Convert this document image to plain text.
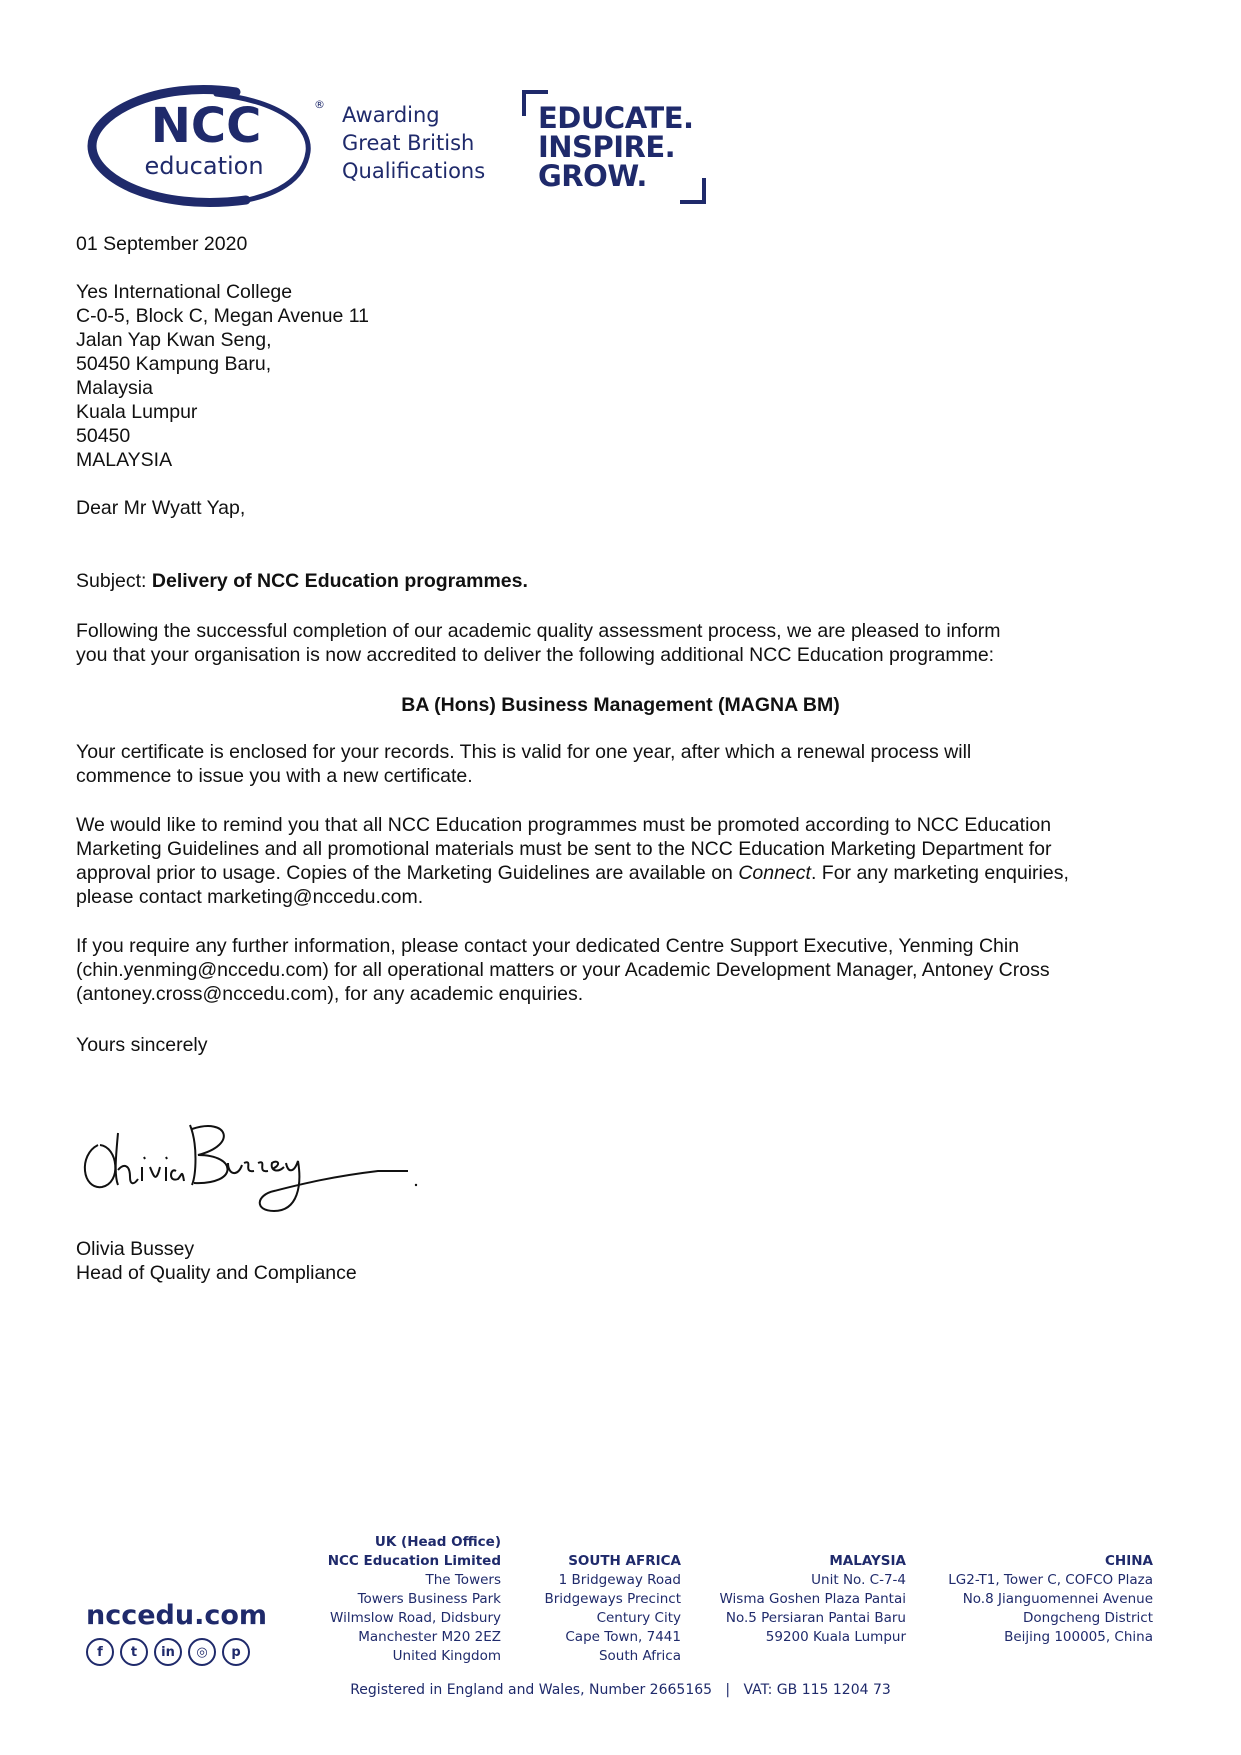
NCC
education
® Awarding
Great British
Qualifications
EDUCATE.
INSPIRE.
GROW.
01 September 2020
Yes International College
C-0-5, Block C, Megan Avenue 11
Jalan Yap Kwan Seng,
50450 Kampung Baru,
Malaysia
Kuala Lumpur
50450
MALAYSIA
Dear Mr Wyatt Yap,
Subject: Delivery of NCC Education programmes.
Following the successful completion of our academic quality assessment process, we are pleased to inform
you that your organisation is now accredited to deliver the following additional NCC Education programme:
BA (Hons) Business Management (MAGNA BM)
Your certificate is enclosed for your records. This is valid for one year, after which a renewal process will
commence to issue you with a new certificate.
We would like to remind you that all NCC Education programmes must be promoted according to NCC Education
Marketing Guidelines and all promotional materials must be sent to the NCC Education Marketing Department for
approval prior to usage. Copies of the Marketing Guidelines are available on Connect. For any marketing enquiries,
please contact marketing@nccedu.com.
If you require any further information, please contact your dedicated Centre Support Executive, Yenming Chin
(chin.yenming@nccedu.com) for all operational matters or your Academic Development Manager, Antoney Cross
(antoney.cross@nccedu.com), for any academic enquiries.
Yours sincerely
Olivia Bussey
Head of Quality and Compliance
nccedu.com
f	t	in	◎	p
UK (Head Office)
NCC Education Limited
The Towers
Towers Business Park
Wilmslow Road, Didsbury
Manchester M20 2EZ
United Kingdom
SOUTH AFRICA
1 Bridgeway Road
Bridgeways Precinct
Century City
Cape Town, 7441
South Africa
MALAYSIA
Unit No. C-7-4
Wisma Goshen Plaza Pantai
No.5 Persiaran Pantai Baru
59200 Kuala Lumpur
CHINA
LG2-T1, Tower C, COFCO Plaza
No.8 Jianguomennei Avenue
Dongcheng District
Beijing 100005, China
Registered in England and Wales, Number 2665165   |   VAT: GB 115 1204 73
